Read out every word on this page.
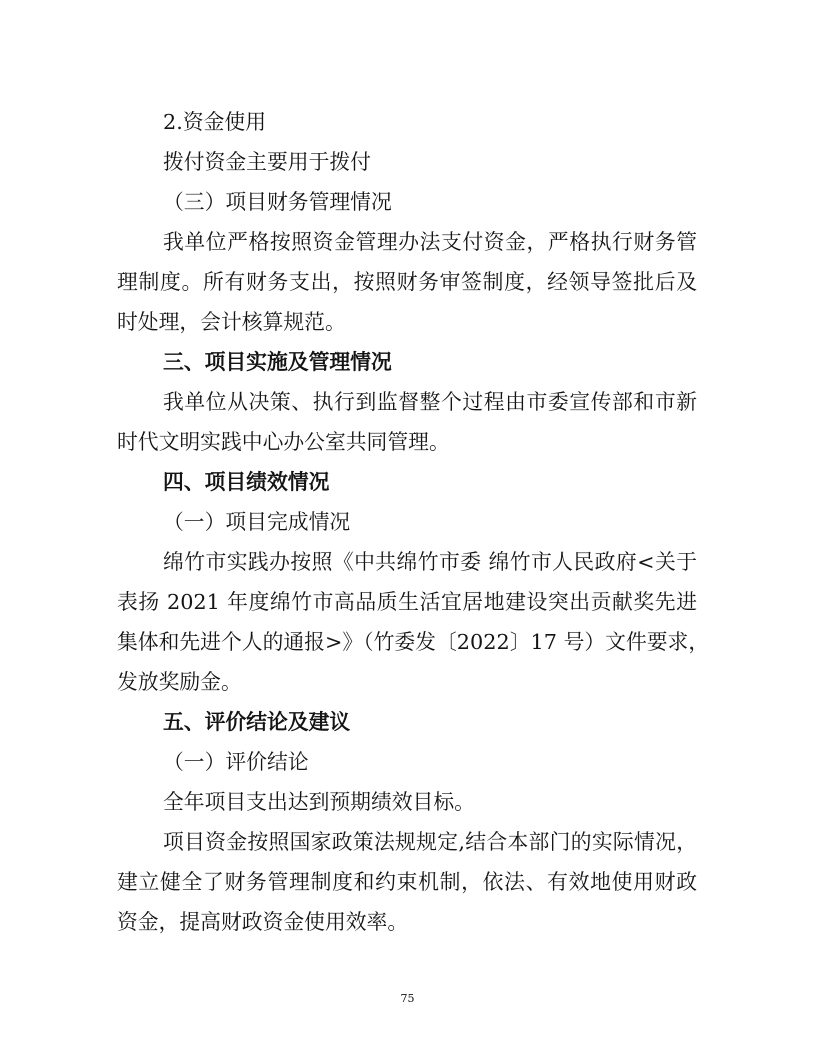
2.资金使用
拨付资金主要用于拨付
（三）项目财务管理情况
我单位严格按照资金管理办法支付资金，严格执行财务管
理制度。所有财务支出，按照财务审签制度，经领导签批后及
时处理，会计核算规范。
三、项目实施及管理情况
我单位从决策、执行到监督整个过程由市委宣传部和市新
时代文明实践中心办公室共同管理。
四、项目绩效情况
（一）项目完成情况
绵竹市实践办按照《中共绵竹市委 绵竹市人民政府<关于
表扬 2021 年度绵竹市高品质生活宜居地建设突出贡献奖先进
集体和先进个人的通报>》（竹委发〔2022〕17 号）文件要求，
发放奖励金。
五、评价结论及建议
（一）评价结论
全年项目支出达到预期绩效目标。
项目资金按照国家政策法规规定,结合本部门的实际情况，
建立健全了财务管理制度和约束机制，依法、有效地使用财政
资金，提高财政资金使用效率。
75
